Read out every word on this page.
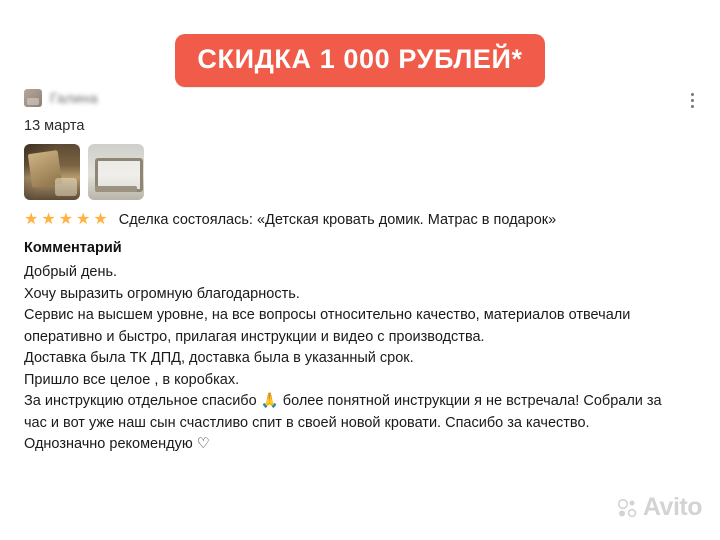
СКИДКА 1 000 РУБЛЕЙ*
Галина
13 марта
★ ★ ★ ★ ★ Сделка состоялась: «Детская кровать домик. Матрас в подарок»
Комментарий

Добрый день.

Хочу выразить огромную благодарность.

Сервис на высшем уровне, на все вопросы относительно качество, материалов отвечали

оперативно и быстро, прилагая инструкции и видео с производства.

Доставка была ТК ДПД, доставка была в указанный срок.

Пришло все целое , в коробках.

За инструкцию отдельное спасибо 🙏 более понятной инструкции я не встречала! Собрали за

час и вот уже наш сын счастливо спит в своей новой кровати. Спасибо за качество.

Однозначно рекомендую ♡

Avito
